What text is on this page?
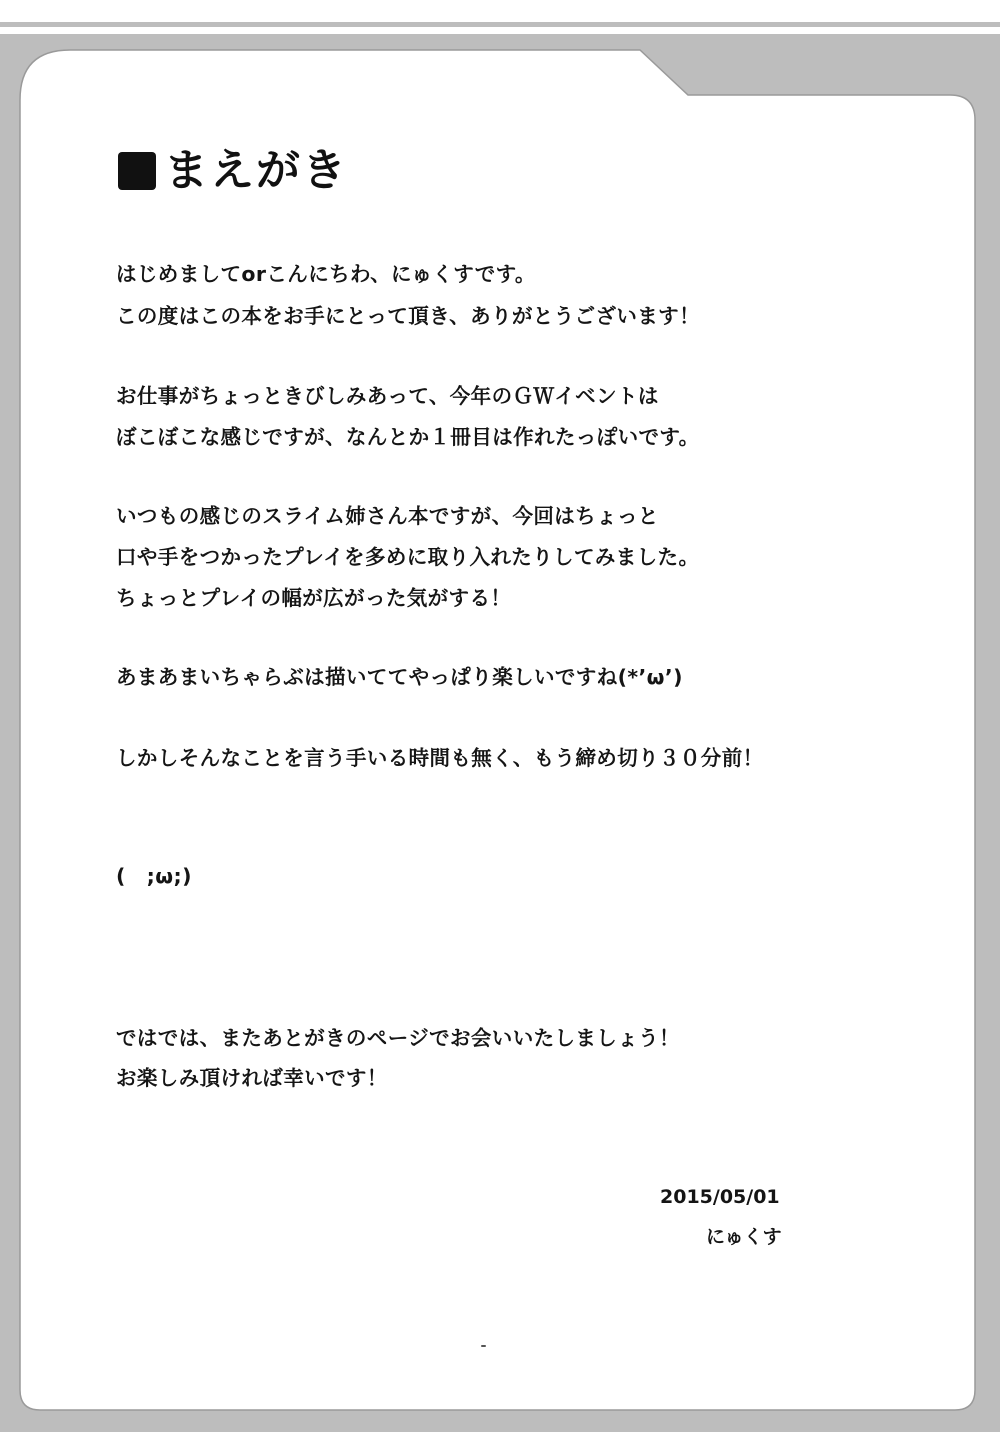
まえがき
はじめましてorこんにちわ、にゅくすです。
この度はこの本をお手にとって頂き、ありがとうございます！
お仕事がちょっときびしみあって、今年のＧＷイベントは
ぼこぼこな感じですが、なんとか１冊目は作れたっぽいです。
いつもの感じのスライム姉さん本ですが、今回はちょっと
口や手をつかったプレイを多めに取り入れたりしてみました。
ちょっとプレイの幅が広がった気がする！
あまあまいちゃらぶは描いててやっぱり楽しいですね(*’ω’)
しかしそんなことを言う手いる時間も無く、もう締め切り３０分前！
(　;ω;)
ではでは、またあとがきのページでお会いいたしましょう！
お楽しみ頂ければ幸いです！
2015/05/01
にゅくす
